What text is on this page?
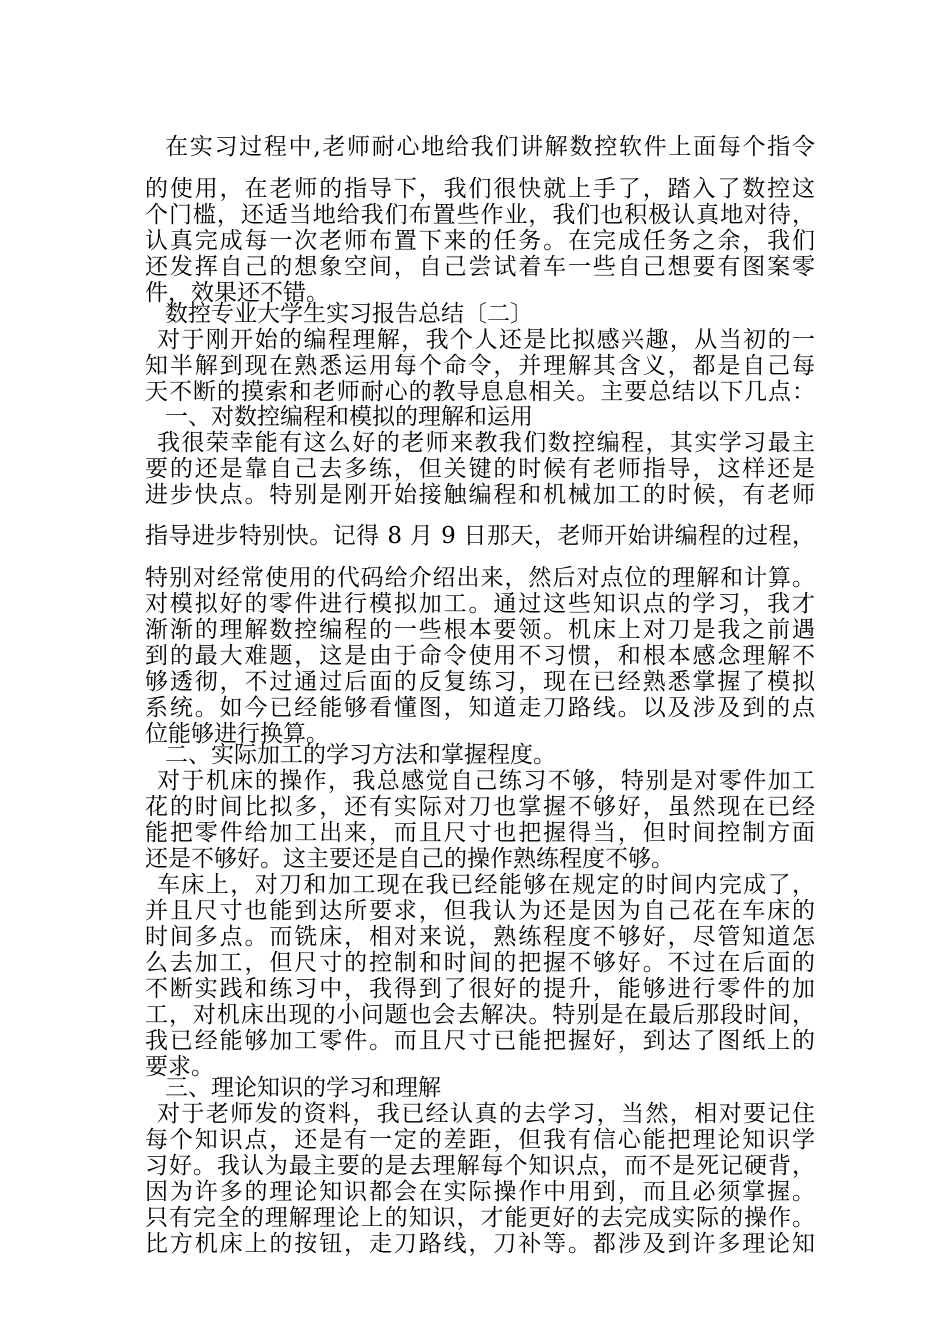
在实习过程中,老师耐心地给我们讲解数控软件上面每个指令
的使用，在老师的指导下，我们很快就上手了，踏入了数控这
个门槛，还适当地给我们布置些作业，我们也积极认真地对待，
认真完成每一次老师布置下来的任务。在完成任务之余，我们
还发挥自己的想象空间，自己尝试着车一些自己想要有图案零
件，效果还不错。
数控专业大学生实习报告总结〔二〕
对于刚开始的编程理解，我个人还是比拟感兴趣，从当初的一
知半解到现在熟悉运用每个命令，并理解其含义，都是自己每
天不断的摸索和老师耐心的教导息息相关。主要总结以下几点：
一、对数控编程和模拟的理解和运用
我很荣幸能有这么好的老师来教我们数控编程，其实学习最主
要的还是靠自己去多练，但关键的时候有老师指导，这样还是
进步快点。特别是刚开始接触编程和机械加工的时候，有老师
指导进步特别快。记得 8 月 9 日那天，老师开始讲编程的过程，
特别对经常使用的代码给介绍出来，然后对点位的理解和计算。
对模拟好的零件进行模拟加工。通过这些知识点的学习，我才
渐渐的理解数控编程的一些根本要领。机床上对刀是我之前遇
到的最大难题，这是由于命令使用不习惯，和根本感念理解不
够透彻，不过通过后面的反复练习，现在已经熟悉掌握了模拟
系统。如今已经能够看懂图，知道走刀路线。以及涉及到的点
位能够进行换算。
二、实际加工的学习方法和掌握程度。
对于机床的操作，我总感觉自己练习不够，特别是对零件加工
花的时间比拟多，还有实际对刀也掌握不够好，虽然现在已经
能把零件给加工出来，而且尺寸也把握得当，但时间控制方面
还是不够好。这主要还是自己的操作熟练程度不够。
车床上，对刀和加工现在我已经能够在规定的时间内完成了，
并且尺寸也能到达所要求，但我认为还是因为自己花在车床的
时间多点。而铣床，相对来说，熟练程度不够好，尽管知道怎
么去加工，但尺寸的控制和时间的把握不够好。不过在后面的
不断实践和练习中，我得到了很好的提升，能够进行零件的加
工，对机床出现的小问题也会去解决。特别是在最后那段时间，
我已经能够加工零件。而且尺寸已能把握好，到达了图纸上的
要求。
三、理论知识的学习和理解
对于老师发的资料，我已经认真的去学习，当然，相对要记住
每个知识点，还是有一定的差距，但我有信心能把理论知识学
习好。我认为最主要的是去理解每个知识点，而不是死记硬背，
因为许多的理论知识都会在实际操作中用到，而且必须掌握。
只有完全的理解理论上的知识，才能更好的去完成实际的操作。
比方机床上的按钮，走刀路线，刀补等。都涉及到许多理论知
